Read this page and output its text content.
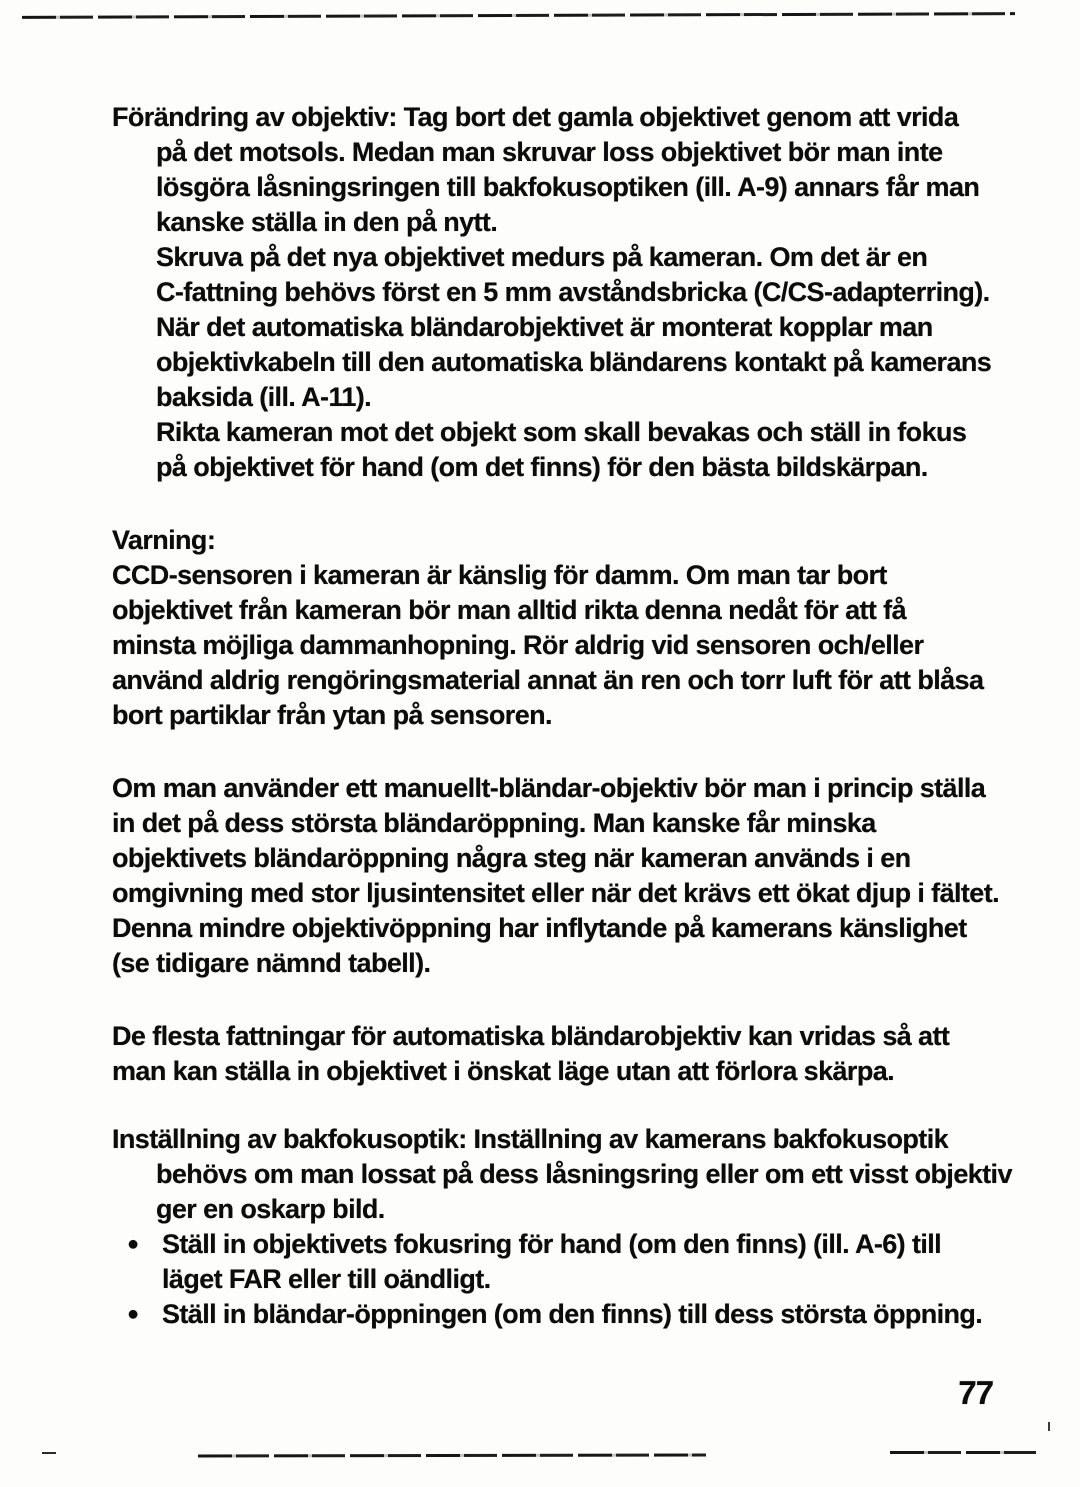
Förändring av objektiv: Tag bort det gamla objektivet genom att vrida
på det motsols. Medan man skruvar loss objektivet bör man inte
lösgöra låsningsringen till bakfokusoptiken (ill. A-9) annars får man
kanske ställa in den på nytt.
Skruva på det nya objektivet medurs på kameran. Om det är en
C-fattning behövs först en 5 mm avståndsbricka (C/CS-adapterring).
När det automatiska bländarobjektivet är monterat kopplar man
objektivkabeln till den automatiska bländarens kontakt på kamerans
baksida (ill. A-11).
Rikta kameran mot det objekt som skall bevakas och ställ in fokus
på objektivet för hand (om det finns) för den bästa bildskärpan.
Varning:
CCD-sensoren i kameran är känslig för damm. Om man tar bort
objektivet från kameran bör man alltid rikta denna nedåt för att få
minsta möjliga dammanhopning. Rör aldrig vid sensoren och/eller
använd aldrig rengöringsmaterial annat än ren och torr luft för att blåsa
bort partiklar från ytan på sensoren.
Om man använder ett manuellt-bländar-objektiv bör man i princip ställa
in det på dess största bländaröppning. Man kanske får minska
objektivets bländaröppning några steg när kameran används i en
omgivning med stor ljusintensitet eller när det krävs ett ökat djup i fältet.
Denna mindre objektivöppning har inflytande på kamerans känslighet
(se tidigare nämnd tabell).
De flesta fattningar för automatiska bländarobjektiv kan vridas så att
man kan ställa in objektivet i önskat läge utan att förlora skärpa.
Inställning av bakfokusoptik: Inställning av kamerans bakfokusoptik
behövs om man lossat på dess låsningsring eller om ett visst objektiv
ger en oskarp bild.
● Ställ in objektivets fokusring för hand (om den finns) (ill. A-6) till
läget FAR eller till oändligt.
● Ställ in bländar-öppningen (om den finns) till dess största öppning.
77
